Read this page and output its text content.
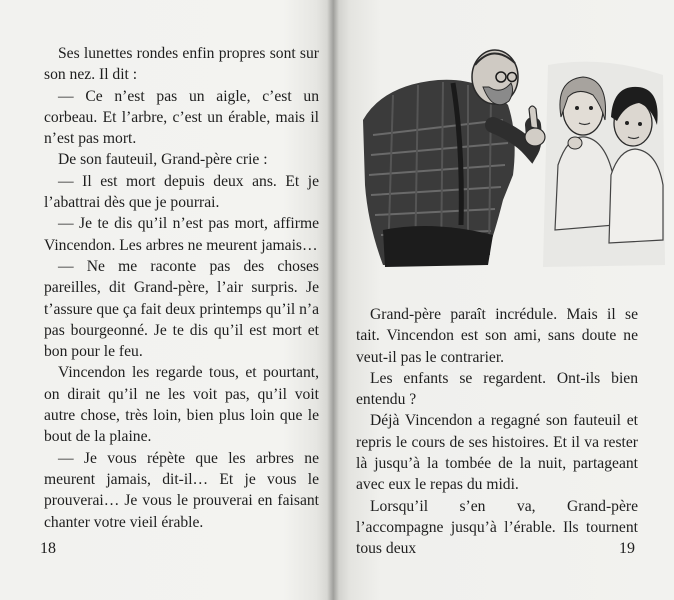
Ses lunettes rondes enfin propres sont sur son nez. Il dit :

— Ce n’est pas un aigle, c’est un corbeau. Et l’arbre, c’est un érable, mais il n’est pas mort.

De son fauteuil, Grand-père crie :

— Il est mort depuis deux ans. Et je l’abattrai dès que je pourrai.

— Je te dis qu’il n’est pas mort, affirme Vincendon. Les arbres ne meurent jamais…

— Ne me raconte pas des choses pareilles, dit Grand-père, l’air surpris. Je t’assure que ça fait deux printemps qu’il n’a pas bourgeonné. Je te dis qu’il est mort et bon pour le feu.

Vincendon les regarde tous, et pourtant, on dirait qu’il ne les voit pas, qu’il voit autre chose, très loin, bien plus loin que le bout de la plaine.

— Je vous répète que les arbres ne meurent jamais, dit-il… Et je vous le prouverai… Je vous le prouverai en faisant chanter votre vieil érable.

18

Grand-père paraît incrédule. Mais il se tait. Vincendon est son ami, sans doute ne veut-il pas le contrarier.

Les enfants se regardent. Ont-ils bien entendu ?

Déjà Vincendon a regagné son fauteuil et repris le cours de ses histoires. Et il va rester là jusqu’à la tombée de la nuit, partageant avec eux le repas du midi.

Lorsqu’il s’en va, Grand-père l’accompagne jusqu’à l’érable. Ils tournent tous deux	19
